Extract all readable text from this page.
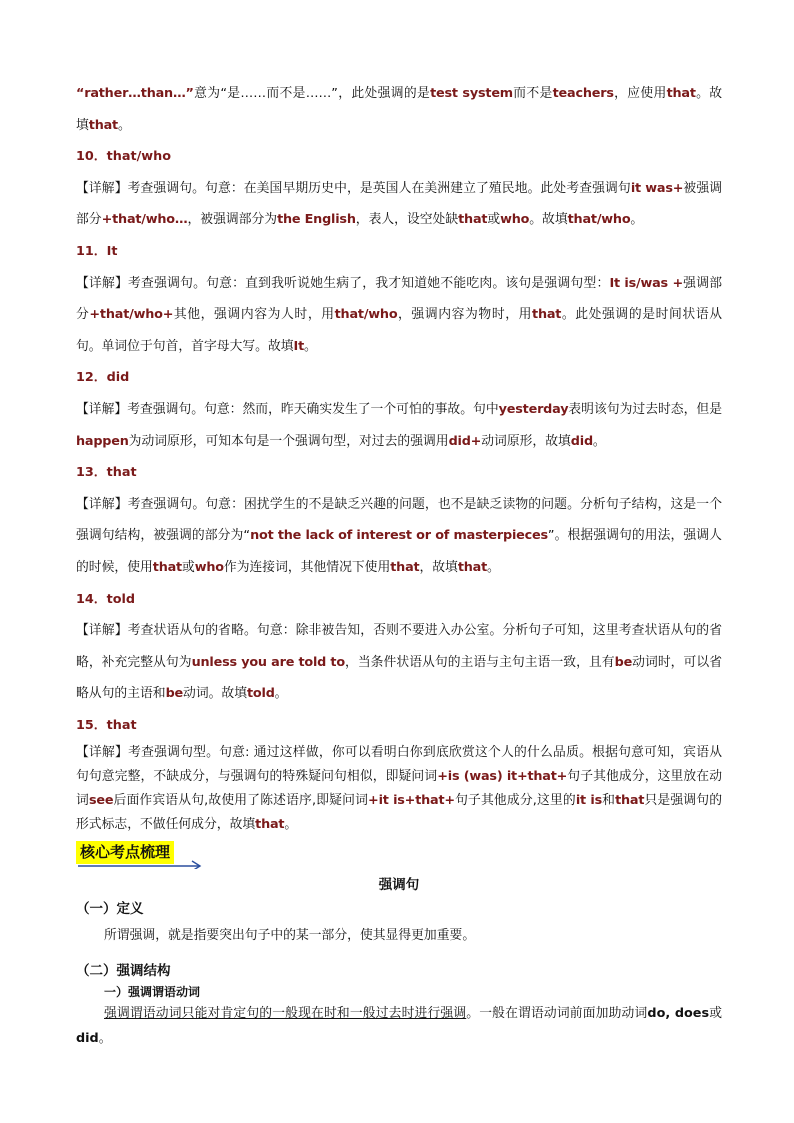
“rather…than…”意为“是……而不是……”，此处强调的是test system而不是teachers，应使用that。故填that。

10．that/who

【详解】考查强调句。句意：在美国早期历史中，是英国人在美洲建立了殖民地。此处考查强调句it was+被强调部分+that/who…，被强调部分为the English，表人，设空处缺that或who。故填that/who。

11．It

【详解】考查强调句。句意：直到我听说她生病了，我才知道她不能吃肉。该句是强调句型：It is/was +强调部分+that/who+其他，强调内容为人时，用that/who，强调内容为物时，用that。此处强调的是时间状语从句。单词位于句首，首字母大写。故填It。

12．did

【详解】考查强调句。句意：然而，昨天确实发生了一个可怕的事故。句中yesterday表明该句为过去时态，但是happen为动词原形，可知本句是一个强调句型，对过去的强调用did+动词原形，故填did。

13．that

【详解】考查强调句。句意：困扰学生的不是缺乏兴趣的问题，也不是缺乏读物的问题。分析句子结构，这是一个强调句结构，被强调的部分为“not the lack of interest or of masterpieces”。根据强调句的用法，强调人的时候，使用that或who作为连接词，其他情况下使用that，故填that。

14．told

【详解】考查状语从句的省略。句意：除非被告知，否则不要进入办公室。分析句子可知，这里考查状语从句的省略，补充完整从句为unless you are told to，当条件状语从句的主语与主句主语一致，且有be动词时，可以省略从句的主语和be动词。故填told。

15．that

【详解】考查强调句型。句意: 通过这样做，你可以看明白你到底欣赏这个人的什么品质。根据句意可知，宾语从句句意完整，不缺成分，与强调句的特殊疑问句相似，即疑问词+is (was) it+that+句子其他成分，这里放在动词see后面作宾语从句,故使用了陈述语序,即疑问词+it is+that+句子其他成分,这里的it is和that只是强调句的形式标志，不做任何成分，故填that。

核心考点梳理

强调句

（一）定义

所谓强调，就是指要突出句子中的某一部分，使其显得更加重要。

（二）强调结构

一）强调谓语动词

强调谓语动词只能对肯定句的一般现在时和一般过去时进行强调。一般在谓语动词前面加助动词do, does或did。
